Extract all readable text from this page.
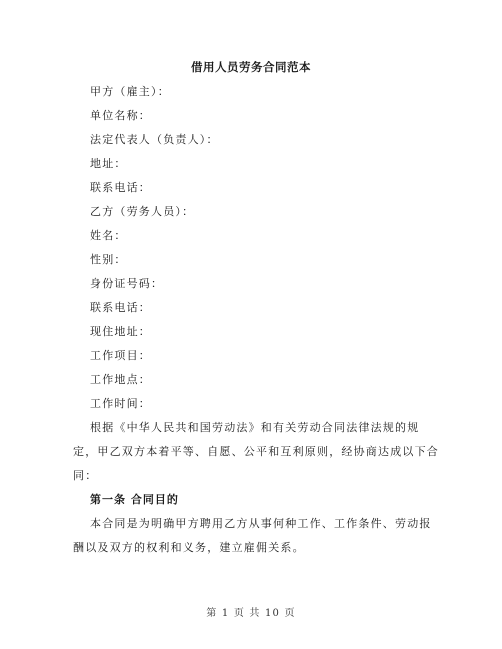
借用人员劳务合同范本
甲方（雇主）：
单位名称：
法定代表人（负责人）：
地址：
联系电话：
乙方（劳务人员）：
姓名：
性别：
身份证号码：
联系电话：
现住地址：
工作项目：
工作地点：
工作时间：
根据《中华人民共和国劳动法》和有关劳动合同法律法规的规
定，甲乙双方本着平等、自愿、公平和互利原则，经协商达成以下合
同：
第一条 合同目的
本合同是为明确甲方聘用乙方从事何种工作、工作条件、劳动报
酬以及双方的权利和义务，建立雇佣关系。
第 1 页 共 10 页
